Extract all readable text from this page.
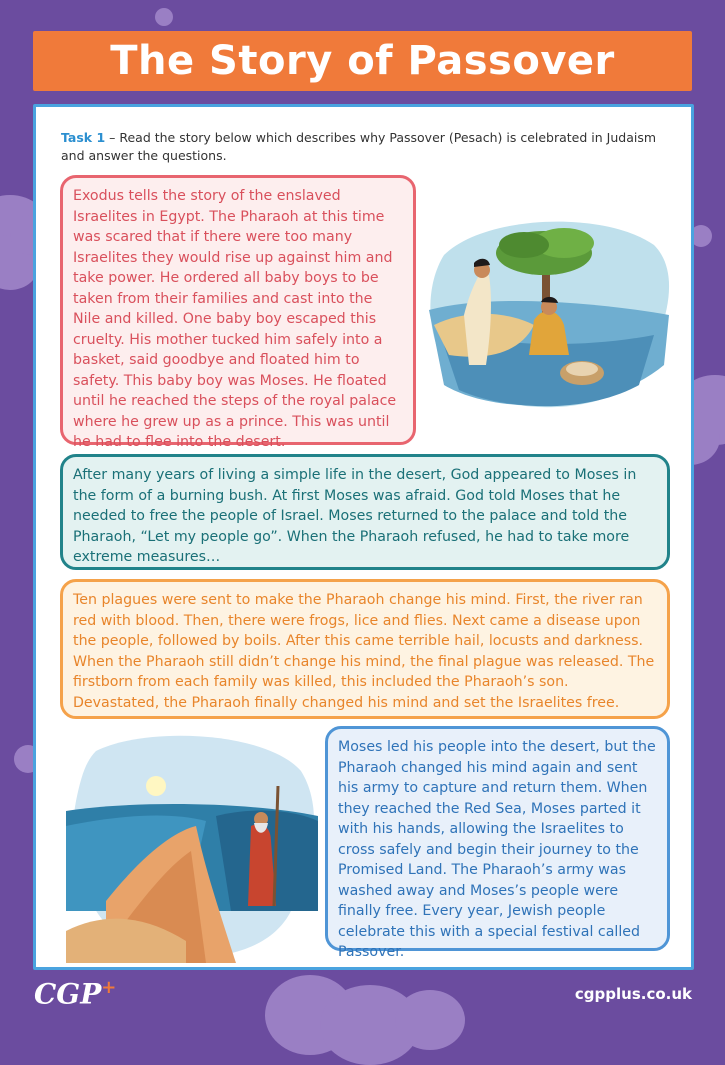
The Story of Passover
Task 1 – Read the story below which describes why Passover (Pesach) is celebrated in Judaism and answer the questions.
Exodus tells the story of the enslaved Israelites in Egypt. The Pharaoh at this time was scared that if there were too many Israelites they would rise up against him and take power. He ordered all baby boys to be taken from their families and cast into the Nile and killed. One baby boy escaped this cruelty. His mother tucked him safely into a basket, said goodbye and floated him to safety. This baby boy was Moses. He floated until he reached the steps of the royal palace where he grew up as a prince. This was until he had to flee into the desert.
After many years of living a simple life in the desert, God appeared to Moses in the form of a burning bush. At first Moses was afraid. God told Moses that he needed to free the people of Israel. Moses returned to the palace and told the Pharaoh, “Let my people go”. When the Pharaoh refused, he had to take more extreme measures…
Ten plagues were sent to make the Pharaoh change his mind. First, the river ran red with blood. Then, there were frogs, lice and flies. Next came a disease upon the people, followed by boils. After this came terrible hail, locusts and darkness. When the Pharaoh still didn’t change his mind, the final plague was released. The firstborn from each family was killed, this included the Pharaoh’s son. Devastated, the Pharaoh finally changed his mind and set the Israelites free.
Moses led his people into the desert, but the Pharaoh changed his mind again and sent his army to capture and return them. When they reached the Red Sea, Moses parted it with his hands, allowing the Israelites to cross safely and begin their journey to the Promised Land. The Pharaoh’s army was washed away and Moses’s people were finally free. Every year, Jewish people celebrate this with a special festival called Passover.
CGP+	cgpplus.co.uk
